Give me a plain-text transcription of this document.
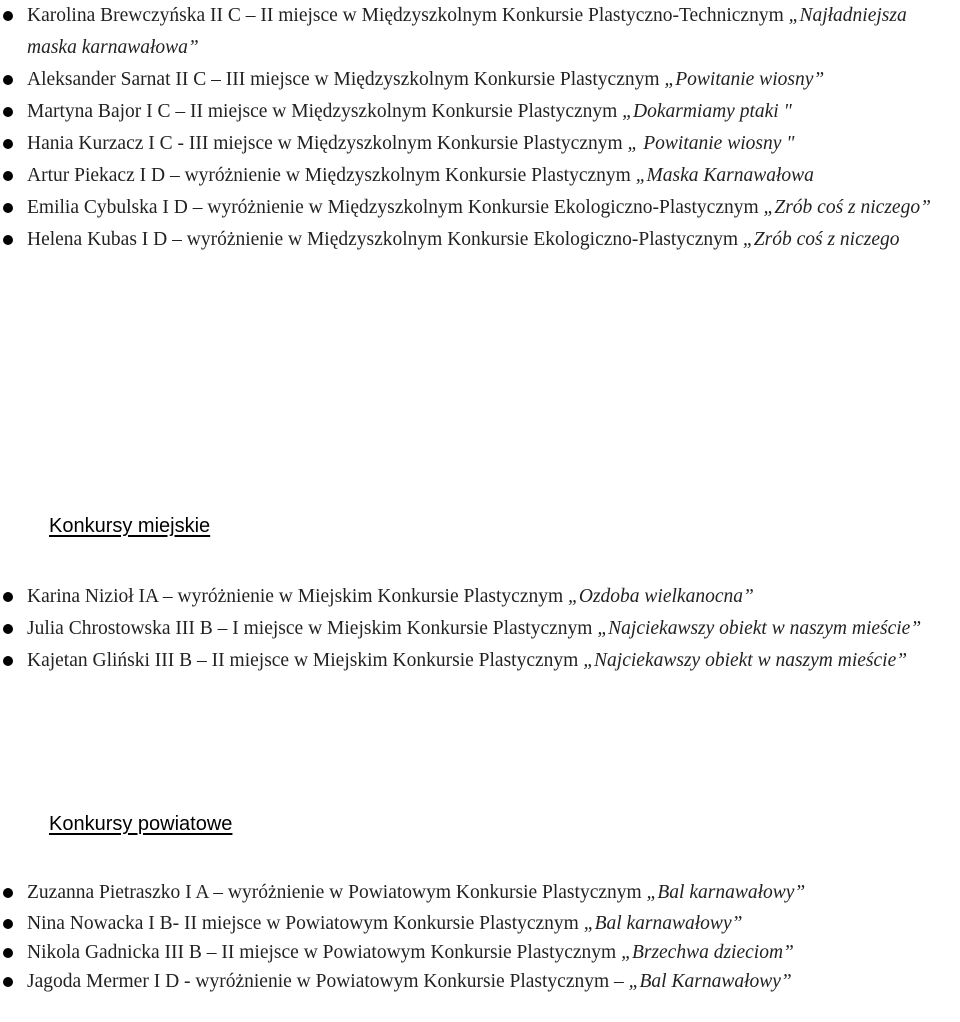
Karolina Brewczyńska II C – II miejsce w Międzyszkolnym Konkursie Plastyczno-Technicznym „Najładniejsza maska karnawałowa”
Aleksander Sarnat II C – III miejsce w Międzyszkolnym Konkursie Plastycznym „Powitanie wiosny”
Martyna Bajor I C – II miejsce w Międzyszkolnym Konkursie Plastycznym „Dokarmiamy ptaki "
Hania Kurzacz I C - III miejsce w Międzyszkolnym Konkursie Plastycznym „ Powitanie wiosny "
Artur Piekacz I D – wyróżnienie w Międzyszkolnym Konkursie Plastycznym „Maska Karnawałowa
Emilia Cybulska I D – wyróżnienie w Międzyszkolnym Konkursie Ekologiczno-Plastycznym „Zrób coś z niczego”
Helena Kubas I D – wyróżnienie w Międzyszkolnym Konkursie Ekologiczno-Plastycznym „Zrób coś z niczego
Konkursy miejskie
Karina Nizioł IA – wyróżnienie w Miejskim Konkursie Plastycznym „Ozdoba wielkanocna”
Julia Chrostowska III B – I miejsce w Miejskim Konkursie Plastycznym „Najciekawszy obiekt w naszym mieście”
Kajetan Gliński III B – II miejsce w Miejskim Konkursie Plastycznym „Najciekawszy obiekt w naszym mieście”
Konkursy powiatowe
Zuzanna Pietraszko I A – wyróżnienie w Powiatowym Konkursie Plastycznym „Bal karnawałowy”
Nina Nowacka I B- II miejsce w Powiatowym Konkursie Plastycznym „Bal karnawałowy”
Nikola Gadnicka III B – II miejsce w Powiatowym Konkursie Plastycznym „Brzechwa dzieciom”
Jagoda Mermer I D - wyróżnienie w Powiatowym Konkursie Plastycznym – „Bal Karnawałowy”
